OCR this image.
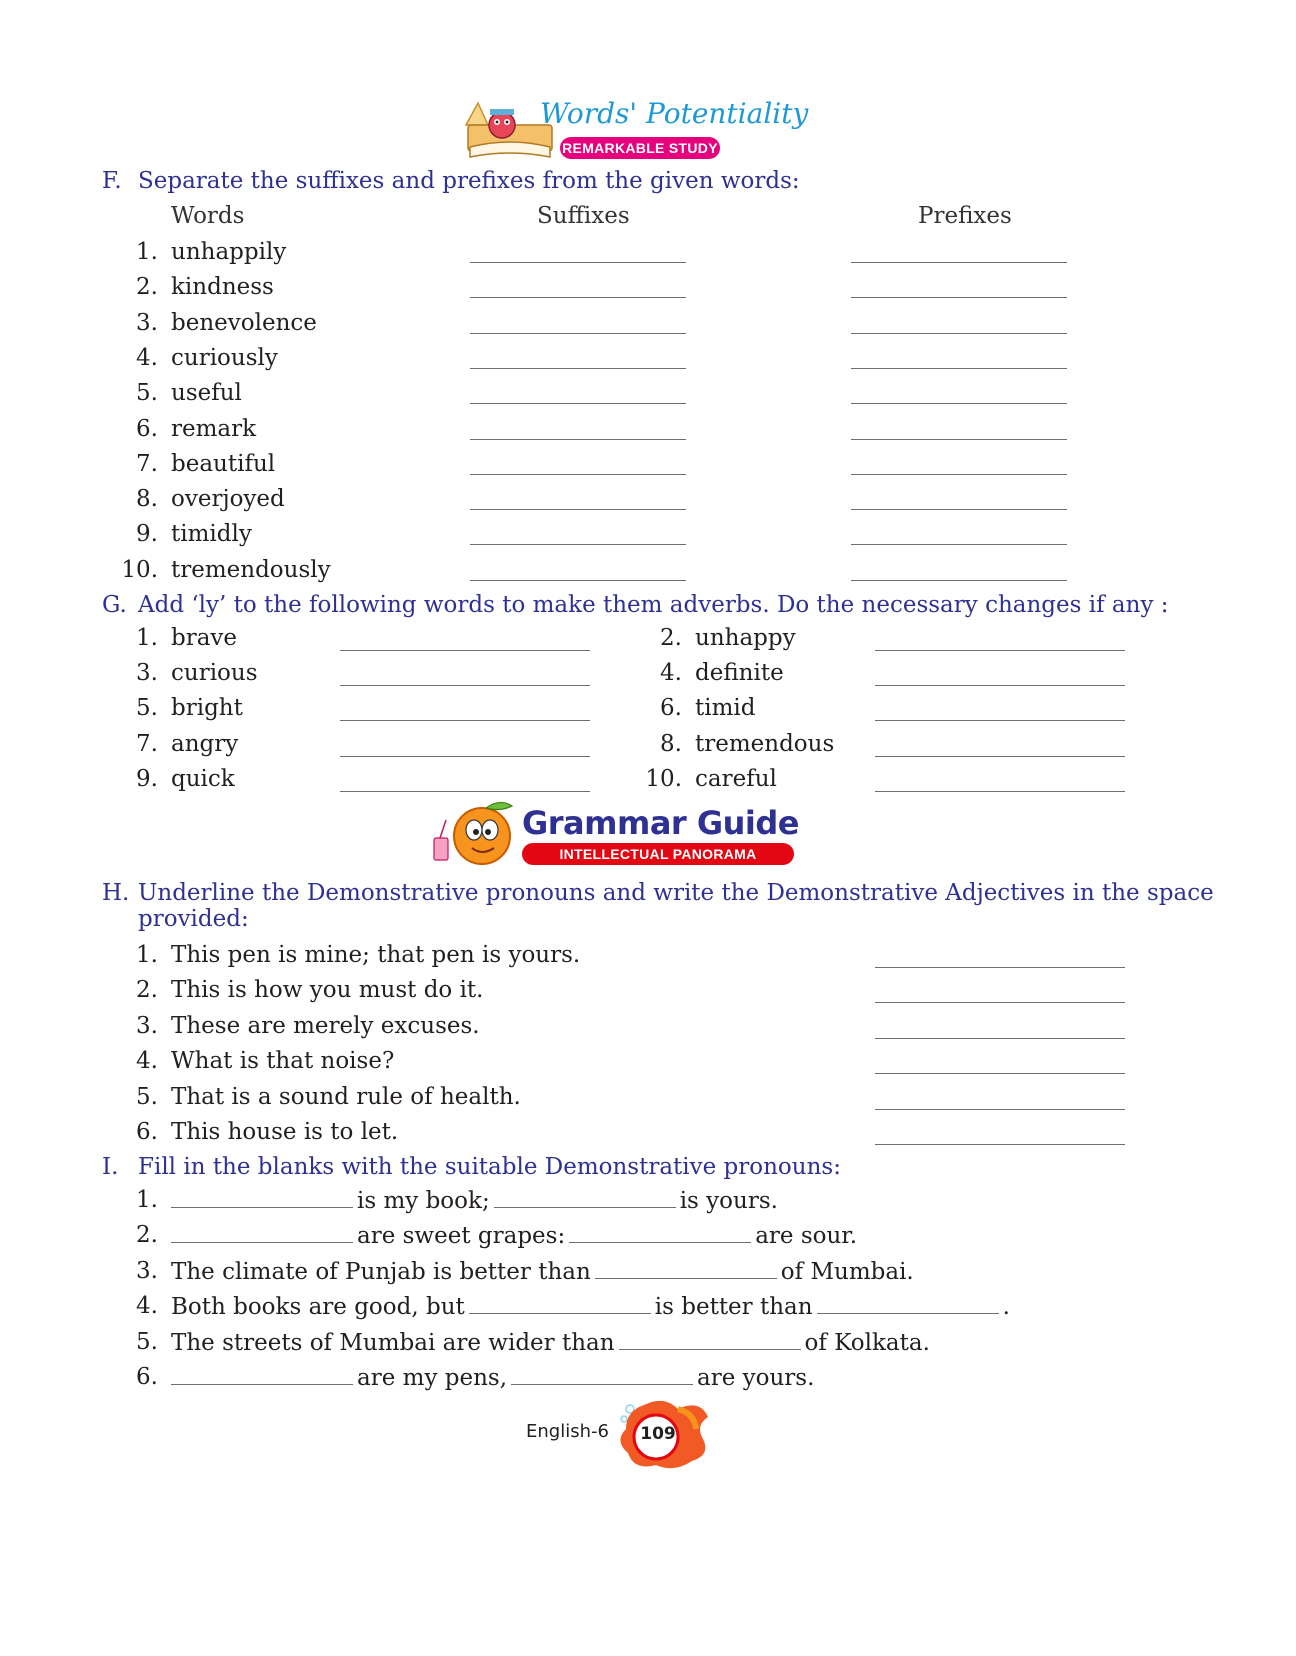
Words' Potentiality
REMARKABLE STUDY
F. Separate the suffixes and prefixes from the given words:
Words	Suffixes	Prefixes
1. unhappily
2. kindness
3. benevolence
4. curiously
5. useful
6. remark
7. beautiful
8. overjoyed
9. timidly
10. tremendously
G. Add ‘ly’ to the following words to make them adverbs. Do the necessary changes if any :
1. brave
3. curious
5. bright
7. angry
9. quick
2. unhappy
4. definite
6. timid
8. tremendous
10. careful
Grammar Guide
INTELLECTUAL PANORAMA OUTLOOK
H. Underline the Demonstrative pronouns and write the Demonstrative Adjectives in the space
provided:
1. This pen is mine; that pen is yours.
2. This is how you must do it.
3. These are merely excuses.
4. What is that noise?
5. That is a sound rule of health.
6. This house is to let.
I. Fill in the blanks with the suitable Demonstrative pronouns:
1.	is my book;	is yours.
2.	are sweet grapes:	are sour.
3. The climate of Punjab is better than	of Mumbai.
4. Both books are good, but	is better than	.
5. The streets of Mumbai are wider than	of Kolkata.
6.	are my pens,	are yours.
English-6 109
